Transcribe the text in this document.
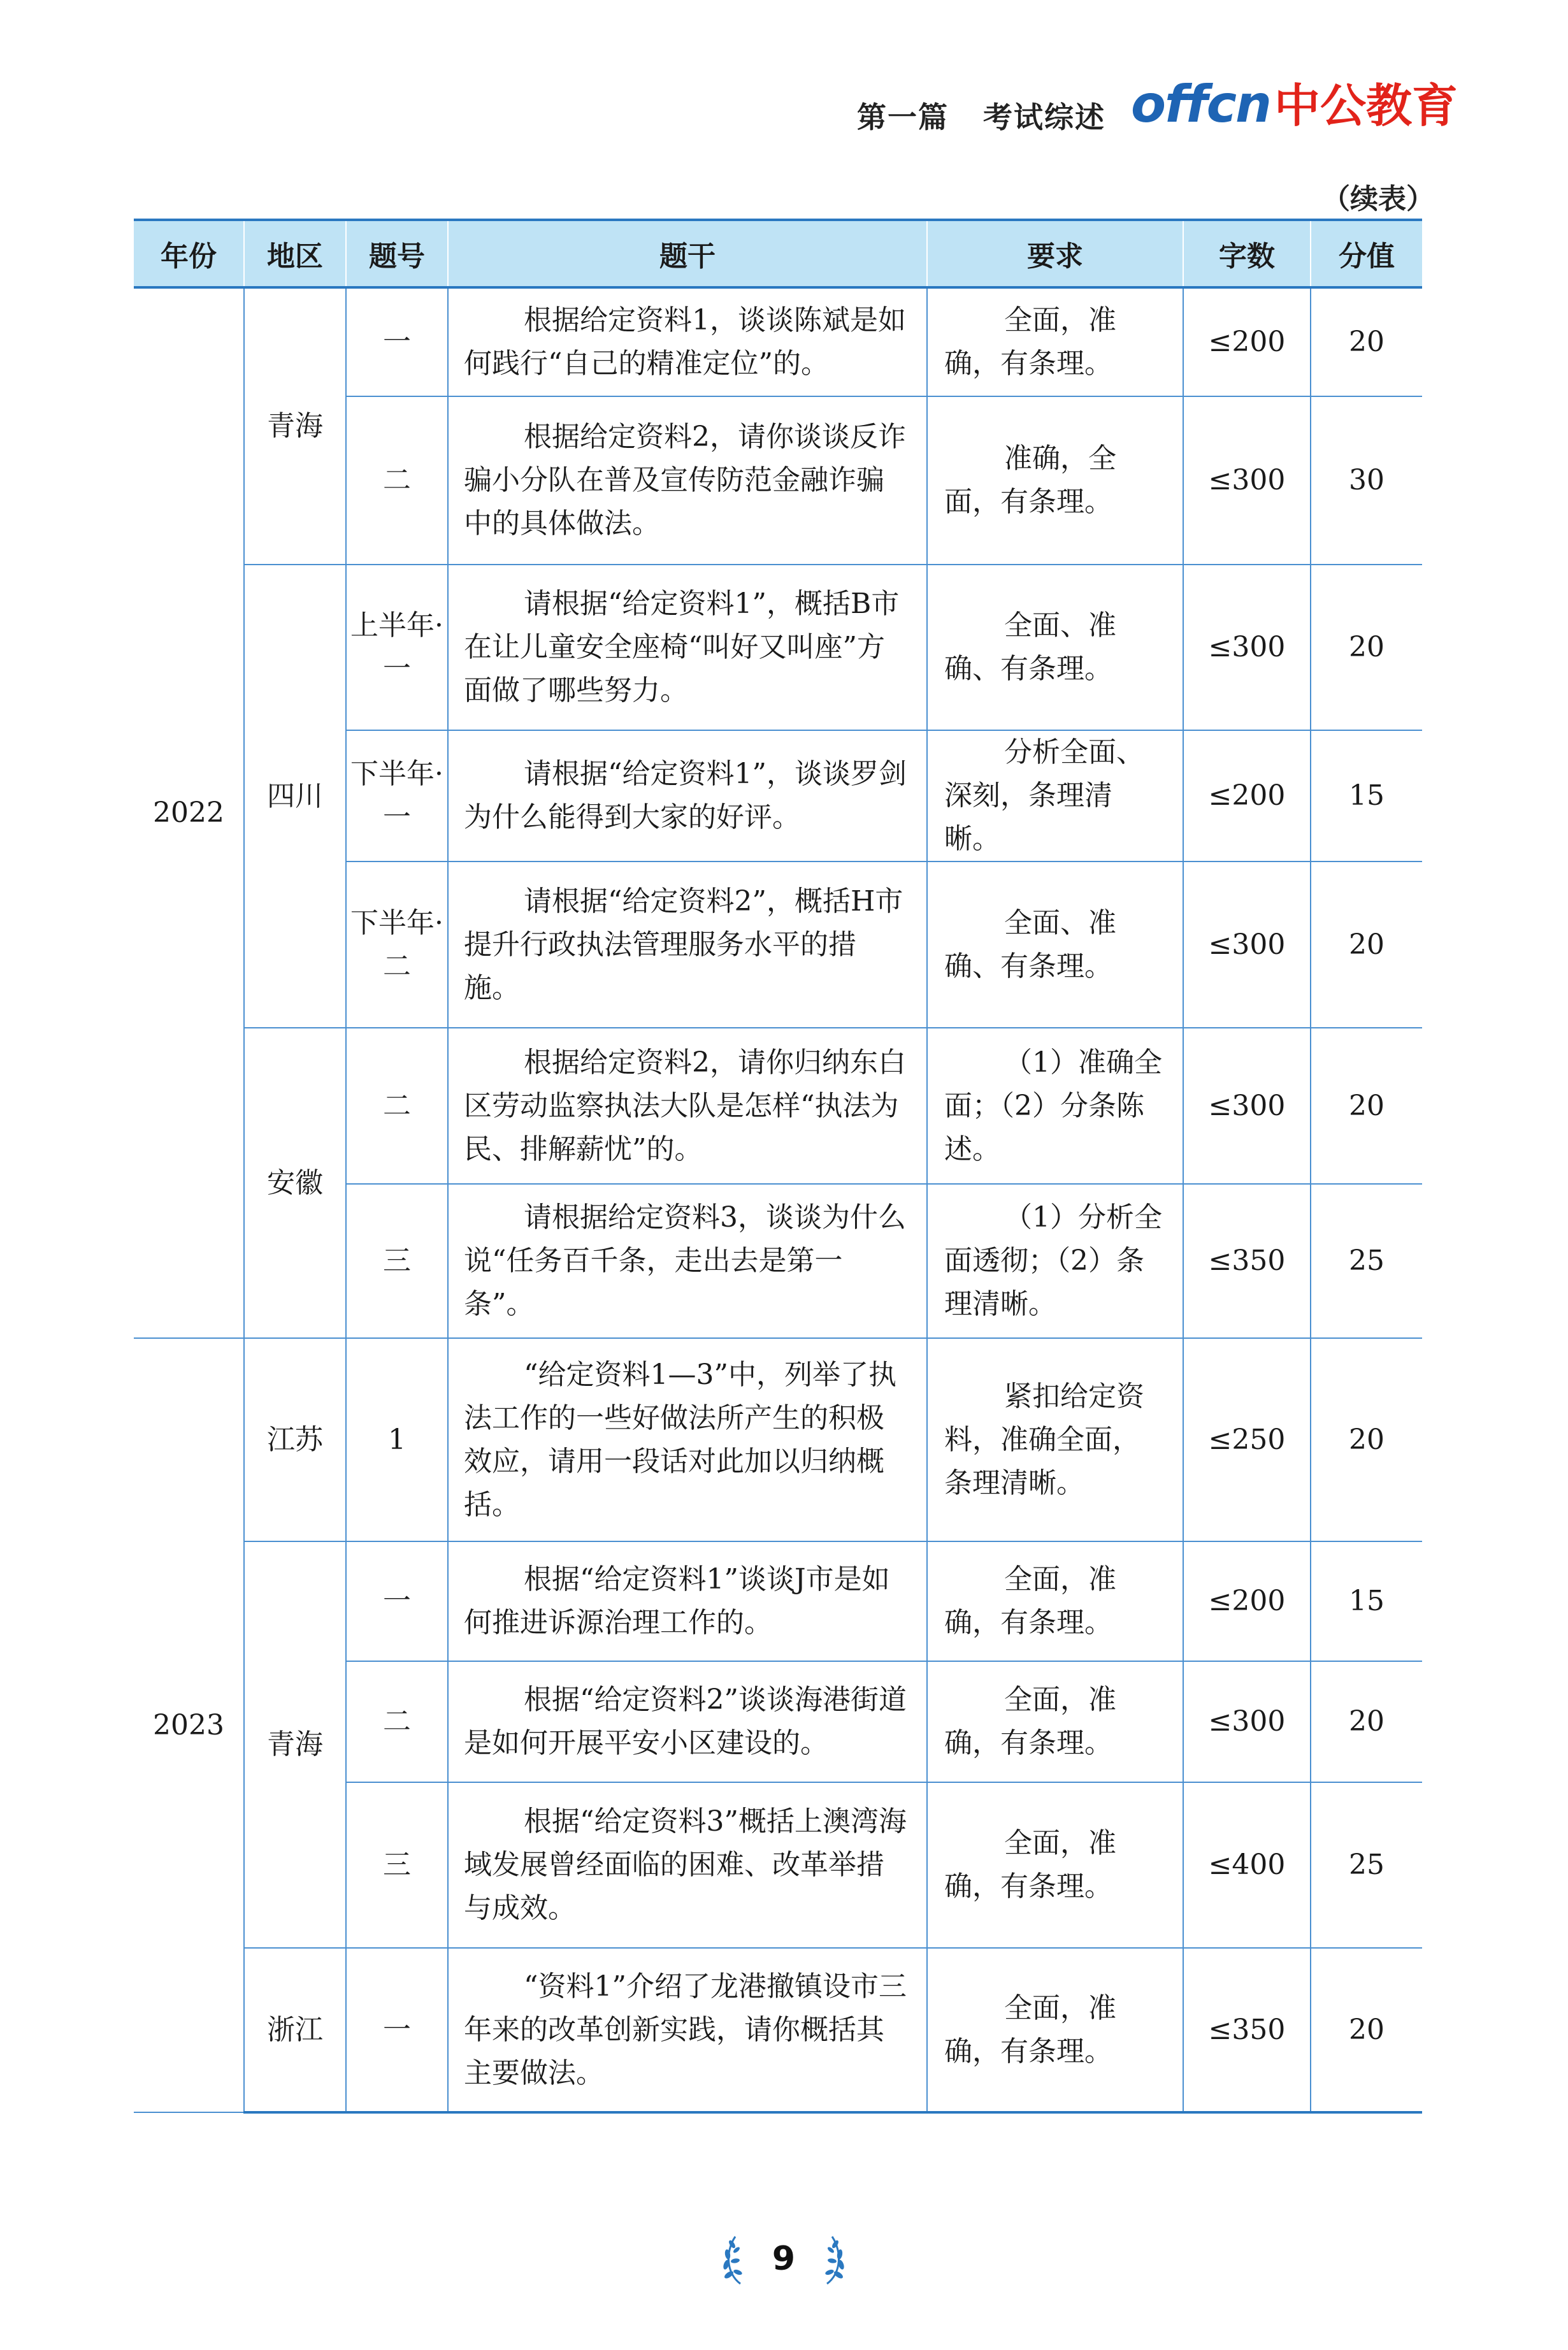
第一篇 考试综述 offcn中公教育
（续表）
年份	地区	题号	题干	要求	字数	分值
2022	青海	一	根据给定资料1，谈谈陈斌是如何践行“自己的精准定位”的。	全面，准确，有条理。	≤200	20
		二	根据给定资料2，请你谈谈反诈骗小分队在普及宣传防范金融诈骗中的具体做法。	准确，全面，有条理。	≤300	30
	四川	上半年·一	请根据“给定资料1”，概括B市在让儿童安全座椅“叫好又叫座”方面做了哪些努力。	全面、准确、有条理。	≤300	20
		下半年·一	请根据“给定资料1”，谈谈罗剑为什么能得到大家的好评。	分析全面、深刻，条理清晰。	≤200	15
		下半年·二	请根据“给定资料2”，概括H市提升行政执法管理服务水平的措施。	全面、准确、有条理。	≤300	20
	安徽	二	根据给定资料2，请你归纳东白区劳动监察执法大队是怎样“执法为民、排解薪忧”的。	（1）准确全面；（2）分条陈述。	≤300	20
		三	请根据给定资料3，谈谈为什么说“任务百千条，走出去是第一条”。	（1）分析全面透彻；（2）条理清晰。	≤350	25
2023	江苏	1	“给定资料1—3”中，列举了执法工作的一些好做法所产生的积极效应，请用一段话对此加以归纳概括。	紧扣给定资料，准确全面，条理清晰。	≤250	20
	青海	一	根据“给定资料1”谈谈J市是如何推进诉源治理工作的。	全面，准确，有条理。	≤200	15
		二	根据“给定资料2”谈谈海港街道是如何开展平安小区建设的。	全面，准确，有条理。	≤300	20
		三	根据“给定资料3”概括上澳湾海域发展曾经面临的困难、改革举措与成效。	全面，准确，有条理。	≤400	25
	浙江	一	“资料1”介绍了龙港撤镇设市三年来的改革创新实践，请你概括其主要做法。	全面，准确，有条理。	≤350	20
9
